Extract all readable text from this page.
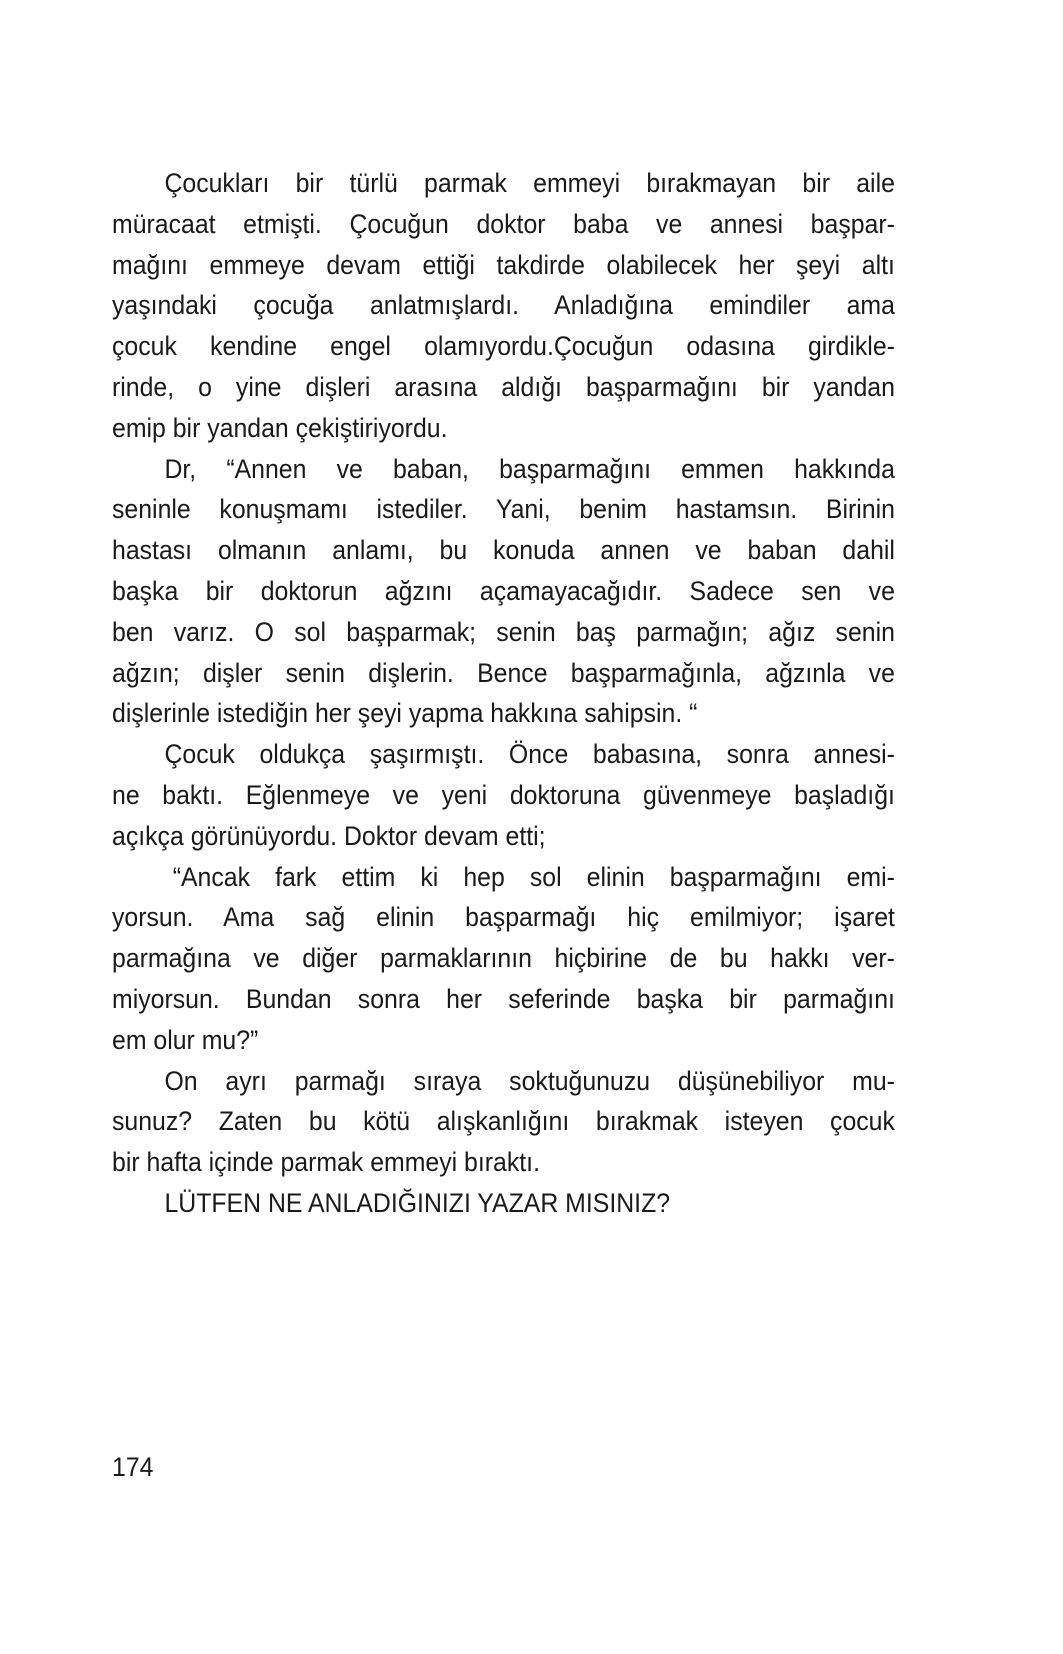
Çocukları bir türlü parmak emmeyi bırakmayan bir aile
müracaat etmişti. Çocuğun doktor baba ve annesi başpar-
mağını emmeye devam ettiği takdirde olabilecek her şeyi altı
yaşındaki çocuğa anlatmışlardı. Anladığına emindiler ama
çocuk kendine engel olamıyordu.Çocuğun odasına girdikle-
rinde, o yine dişleri arasına aldığı başparmağını bir yandan
emip bir yandan çekiştiriyordu.
Dr, “Annen ve baban, başparmağını emmen hakkında
seninle konuşmamı istediler. Yani, benim hastamsın. Birinin
hastası olmanın anlamı, bu konuda annen ve baban dahil
başka bir doktorun ağzını açamayacağıdır. Sadece sen ve
ben varız. O sol başparmak; senin baş parmağın; ağız senin
ağzın; dişler senin dişlerin. Bence başparmağınla, ağzınla ve
dişlerinle istediğin her şeyi yapma hakkına sahipsin. “
Çocuk oldukça şaşırmıştı. Önce babasına, sonra annesi-
ne baktı. Eğlenmeye ve yeni doktoruna güvenmeye başladığı
açıkça görünüyordu. Doktor devam etti;
“Ancak fark ettim ki hep sol elinin başparmağını emi-
yorsun. Ama sağ elinin başparmağı hiç emilmiyor; işaret
parmağına ve diğer parmaklarının hiçbirine de bu hakkı ver-
miyorsun. Bundan sonra her seferinde başka bir parmağını
em olur mu?”
On ayrı parmağı sıraya soktuğunuzu düşünebiliyor mu-
sunuz? Zaten bu kötü alışkanlığını bırakmak isteyen çocuk
bir hafta içinde parmak emmeyi bıraktı.
LÜTFEN NE ANLADIĞINIZI YAZAR MISINIZ?
174
